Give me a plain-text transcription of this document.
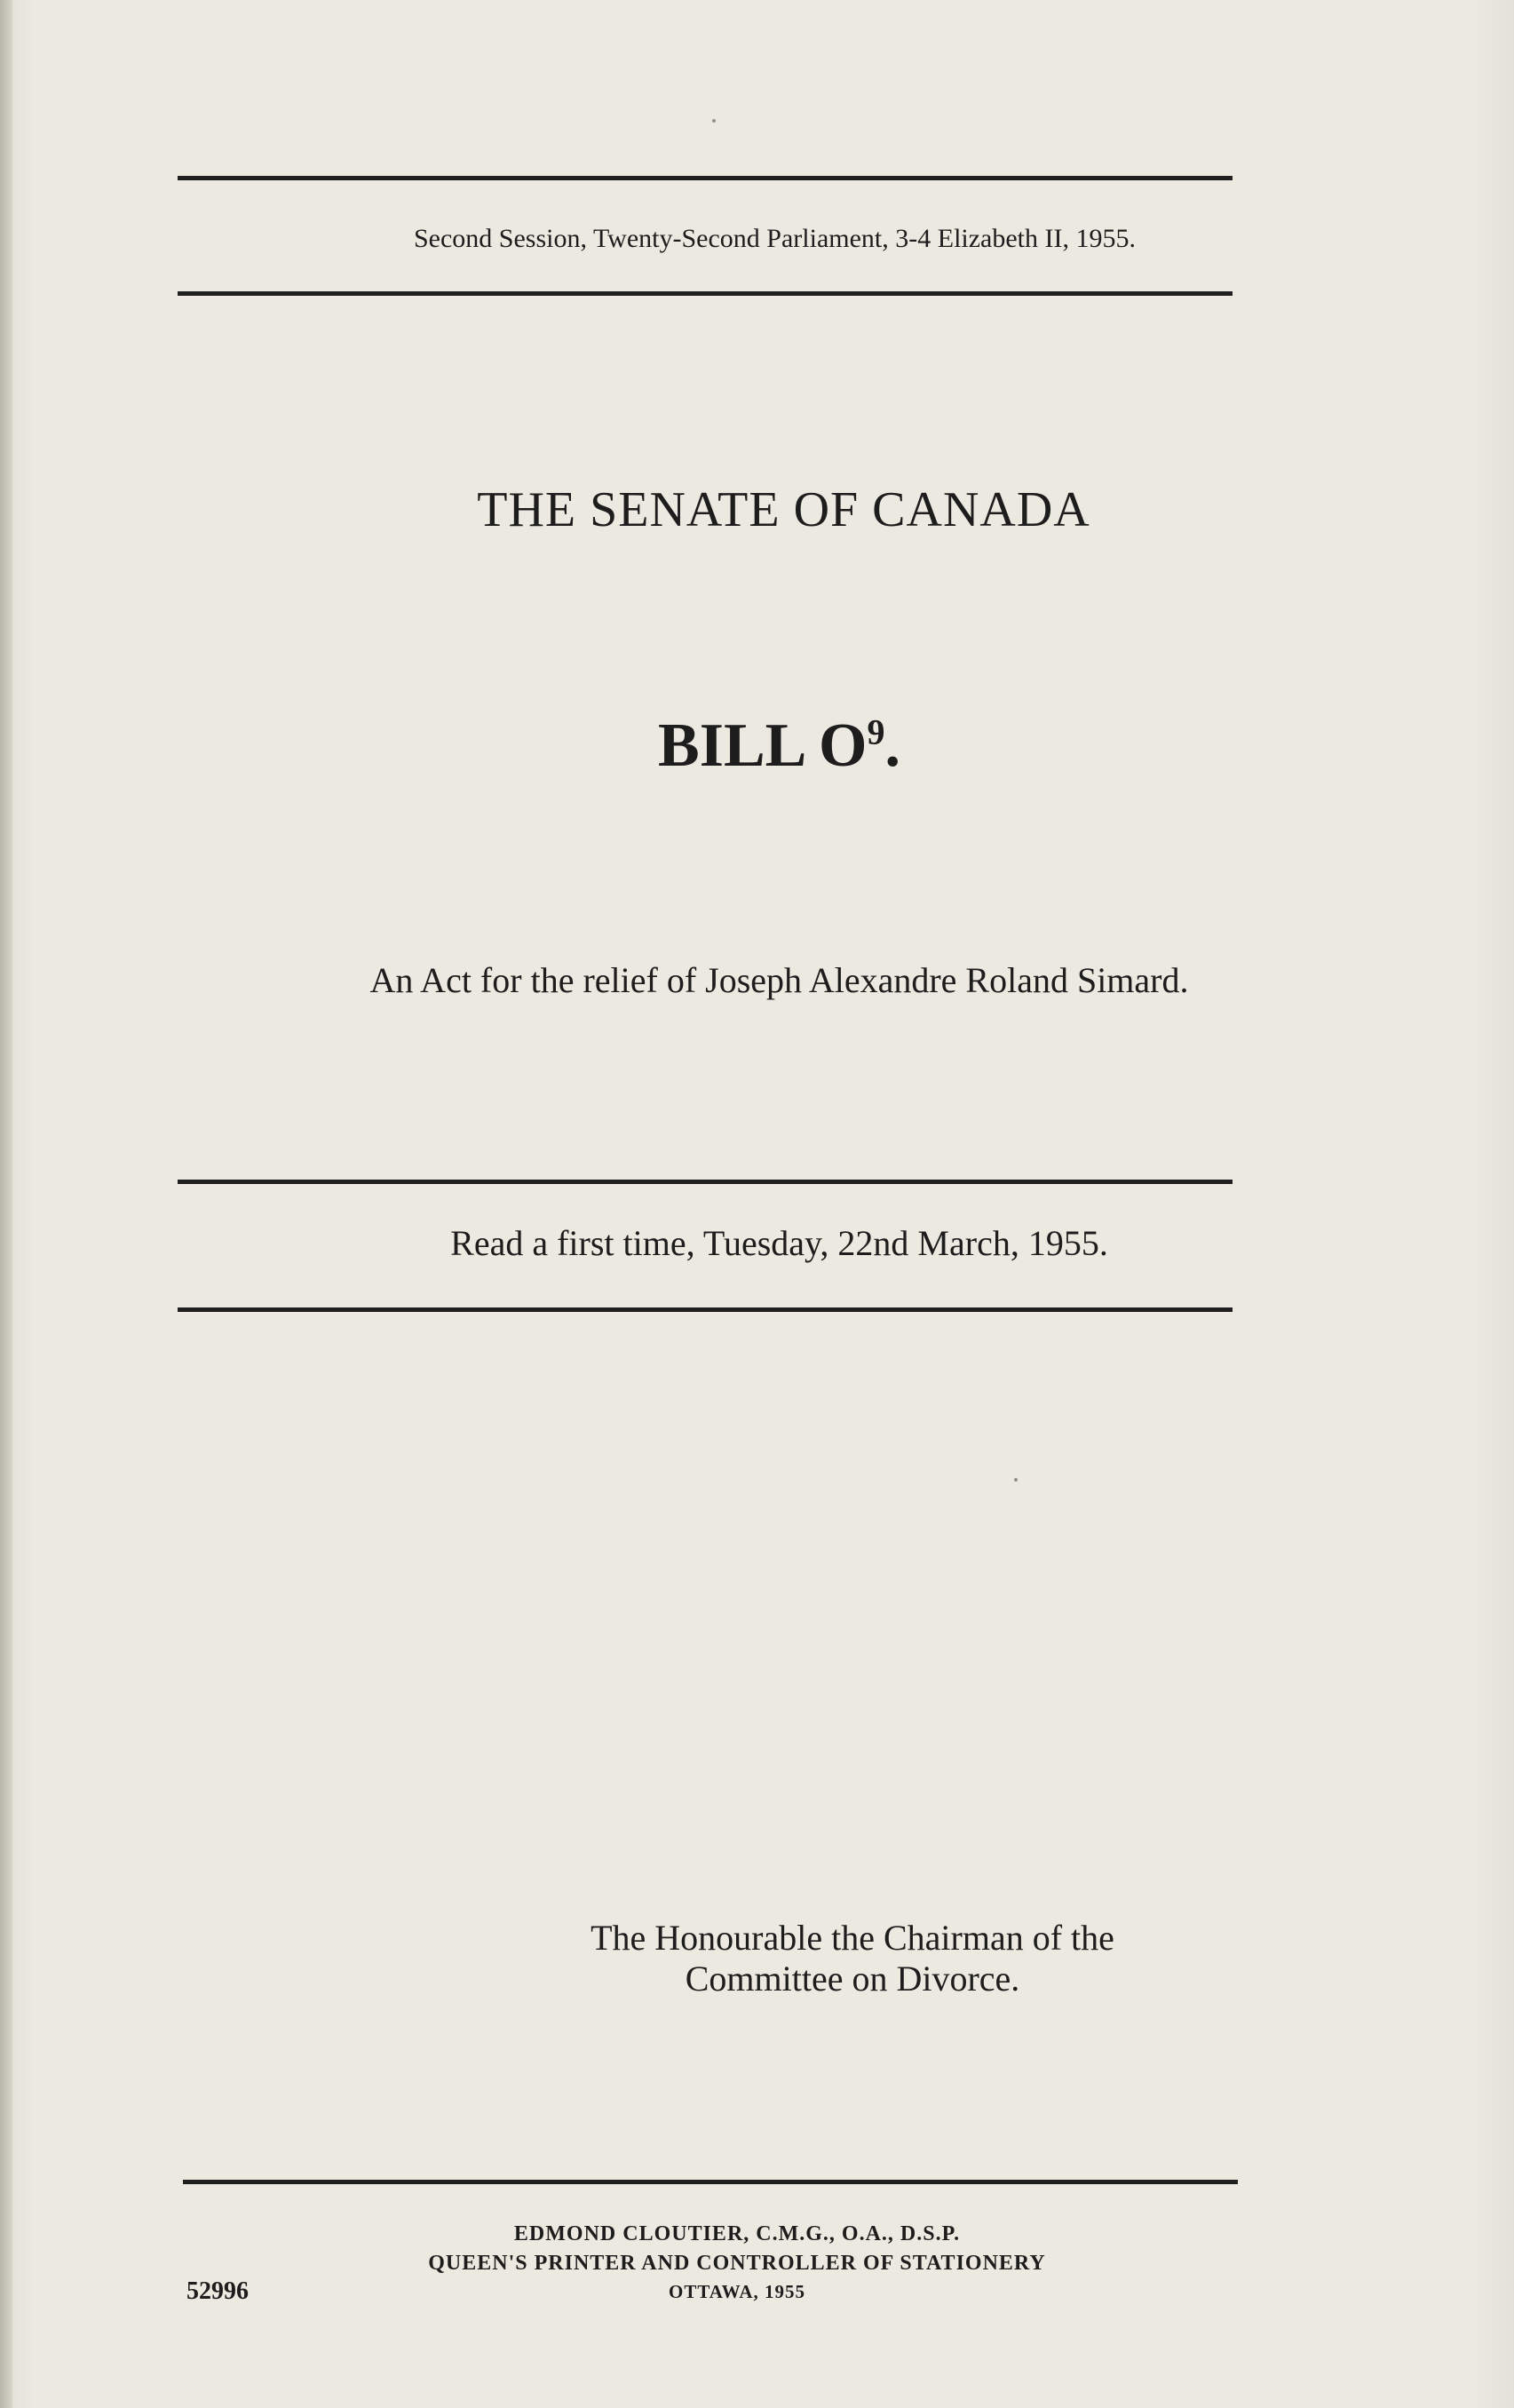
Second Session, Twenty-Second Parliament, 3-4 Elizabeth II, 1955.
THE SENATE OF CANADA
BILL $O^9$.
An Act for the relief of Joseph Alexandre Roland Simard.
Read a first time, Tuesday, 22nd March, 1955.
The Honourable the Chairman of the
Committee on Divorce.
EDMOND CLOUTIER, C.M.G., O.A., D.S.P.
QUEEN'S PRINTER AND CONTROLLER OF STATIONERY
OTTAWA, 1955
52996
